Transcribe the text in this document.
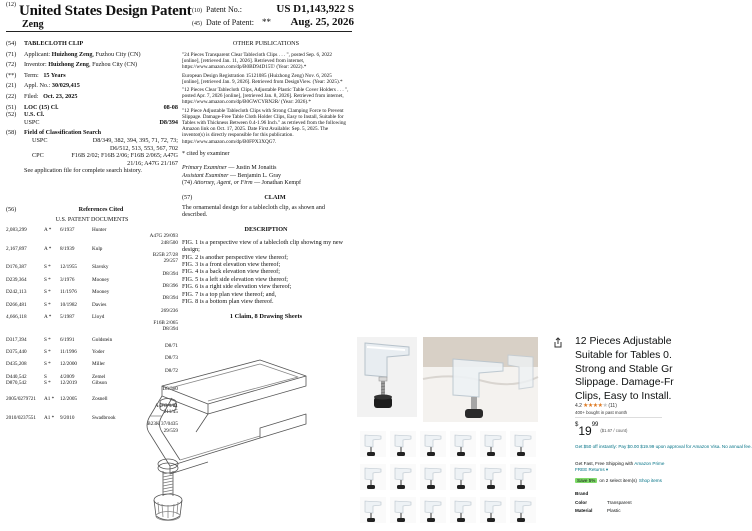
$^{(12)}$ United States Design Patent
Zeng
(10) Patent No.:	US D1,143,922 S
(45) Date of Patent: ** Aug. 25, 2026
(54)	TABLECLOTH CLIP
(71)	Applicant: Huizhong Zeng, Fuzhou City (CN)
(72)	Inventor: Huizhong Zeng, Fuzhou City (CN)
(**)	Term: 15 Years
(21)	Appl. No.: 30/029,415
(22)	Filed: Oct. 23, 2025
(51)	LOC (15) Cl.	08-08
(52)	U.S. Cl.
USPC	D8/394
(58)	Field of Classification Search
USPC	D8/349, 382, 394, 395, 71, 72, 73;
D6/512, 513, 553, 567, 702
CPC	F16B 2/02; F16B 2/06; F16B 2/065; A47G
21/16; A47G 21/167
See application file for complete search history.
(56)	References Cited
U.S. PATENT DOCUMENTS
2,083,299	A *	6/1937	Hunter
A47G 29/093
248/500
2,167,897	A *	8/1939	Kulp
B25B 27/28
29/257
D176,387	S *	12/1955	Slavsky
D8/394
D239,364	S *	3/1976	Mooney
D8/396
D242,113	S *	11/1976	Mooney
D8/394
D266,481	S *	10/1982	Davies
269/236
4,666,118	A *	5/1987	Lloyd
F16B 2/065
D8/394
D317,394	S *	6/1991	Goldstein
D8/71
D375,440	S *	11/1996	Yoder
D8/73
D435,208	S *	12/2000	Miller
D8/72
D440,542	S	4/2009	Zemel
D870,542	S *	12/2019	Gibson
D8/380
2005/0279721	A1 *	12/2005	Zosnell
A47G 1/21
211/45
2010/0237551	A1 *	9/2010	Swadbrook
B23K 37/0435
29/559
OTHER PUBLICATIONS

"24 Pieces Transparent Clear Tablecloth Clips . . . ", posted Sep. 6, 2022 [online], [retrieved Jan. 11, 2026]. Retrieved from internet, https://www.amazon.com/dp/B0BD94D15T/ (Year: 2022).*

European Design Registration 15121085 (Huizhong Zeng) Nov. 6, 2025 [online], [retrieved Jan. 9, 2026]. Retrieved from DesignView. (Year: 2025).*

"12 Pieces Clear Tablecloth Clips, Adjustable Plastic Table Cover Holders . . . ", posted Apr. 7, 2026 [online], [retrieved Jan. 8, 2026]. Retrieved from internet, https://www.amazon.com/dp/B0GWCYRN2R/ (Year: 2026).*

"12 Piece Adjustable Tablecloth Clips with Strong Clamping Force to Prevent Slippage. Damage-Free Table Cloth Holder Clips, Easy to Install, Suitable for Tables with Thickness Between 0.4-1.96 Inch." as retrieved from the following Amazon link on Oct. 17, 2025. Date First Available: Sep. 5, 2025. The inventor(s) is directly responsible for this publication. https://www.amazon.com/dp/B0FPX3XQG7.

* cited by examiner
Primary Examiner — Justin M Jonaitis
Assistant Examiner — Benjamin L. Gray
(74) Attorney, Agent, or Firm — Jonathan Kempf
(57)	CLAIM
The ornamental design for a tablecloth clip, as shown and described.
DESCRIPTION
FIG. 1 is a perspective view of a tablecloth clip showing my new design;
FIG. 2 is another perspective view thereof;
FIG. 3 is a front elevation view thereof;
FIG. 4 is a back elevation view thereof;
FIG. 5 is a left side elevation view thereof;
FIG. 6 is a right side elevation view thereof;
FIG. 7 is a top plan view thereof; and,
FIG. 8 is a bottom plan view thereof.
1 Claim, 8 Drawing Sheets
12 Pieces Adjustable
Suitable for Tables 0.
Strong and Stable Gr
Slippage. Damage-Fr
Clips, Easy to Install.
4.2 ★★★★★ (11)
400+ bought in past month
$^{\$}19^{99}(\$1.67$ / count)
Get $50 off instantly: Pay $0.00 $19.99 upon approval for Amazon Visa. No annual fee.
Get Fast, Free Shipping with Amazon Prime
FREE Returns ▾
Save 5% on 2 select item(s) Shop items
Brand
Color	Transparent
Material	Plastic
